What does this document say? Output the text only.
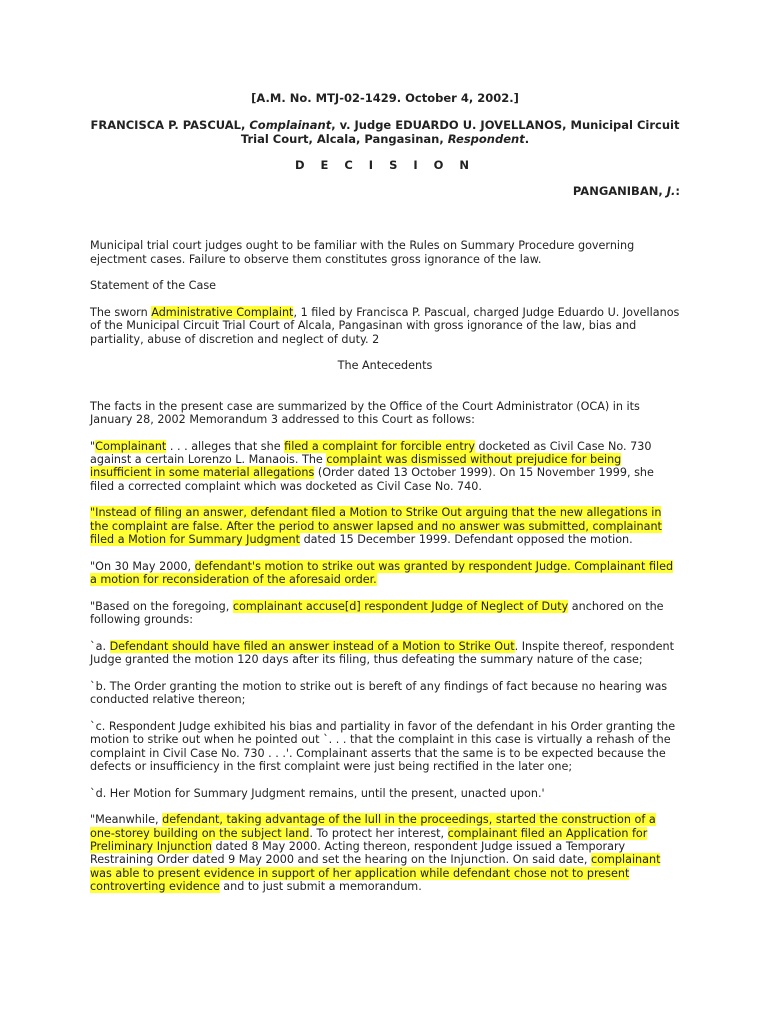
[A.M. No. MTJ-02-1429. October 4, 2002.]
FRANCISCA P. PASCUAL, Complainant, v. Judge EDUARDO U. JOVELLANOS, Municipal Circuit Trial Court, Alcala, Pangasinan, Respondent.
D E C I S I O N
PANGANIBAN, J.:

Municipal trial court judges ought to be familiar with the Rules on Summary Procedure governing ejectment cases. Failure to observe them constitutes gross ignorance of the law.

Statement of the Case

The sworn Administrative Complaint, 1 filed by Francisca P. Pascual, charged Judge Eduardo U. Jovellanos of the Municipal Circuit Trial Court of Alcala, Pangasinan with gross ignorance of the law, bias and partiality, abuse of discretion and neglect of duty. 2

The Antecedents

The facts in the present case are summarized by the Office of the Court Administrator (OCA) in its January 28, 2002 Memorandum 3 addressed to this Court as follows:

"Complainant . . . alleges that she filed a complaint for forcible entry docketed as Civil Case No. 730 against a certain Lorenzo L. Manaois. The complaint was dismissed without prejudice for being insufficient in some material allegations (Order dated 13 October 1999). On 15 November 1999, she filed a corrected complaint which was docketed as Civil Case No. 740.

"Instead of filing an answer, defendant filed a Motion to Strike Out arguing that the new allegations in the complaint are false. After the period to answer lapsed and no answer was submitted, complainant filed a Motion for Summary Judgment dated 15 December 1999. Defendant opposed the motion.

"On 30 May 2000, defendant's motion to strike out was granted by respondent Judge. Complainant filed a motion for reconsideration of the aforesaid order.

"Based on the foregoing, complainant accuse[d] respondent Judge of Neglect of Duty anchored on the following grounds:

`a. Defendant should have filed an answer instead of a Motion to Strike Out. Inspite thereof, respondent Judge granted the motion 120 days after its filing, thus defeating the summary nature of the case;

`b. The Order granting the motion to strike out is bereft of any findings of fact because no hearing was conducted relative thereon;

`c. Respondent Judge exhibited his bias and partiality in favor of the defendant in his Order granting the motion to strike out when he pointed out `. . . that the complaint in this case is virtually a rehash of the complaint in Civil Case No. 730 . . .'. Complainant asserts that the same is to be expected because the defects or insufficiency in the first complaint were just being rectified in the later one;

`d. Her Motion for Summary Judgment remains, until the present, unacted upon.'

"Meanwhile, defendant, taking advantage of the lull in the proceedings, started the construction of a one-storey building on the subject land. To protect her interest, complainant filed an Application for Preliminary Injunction dated 8 May 2000. Acting thereon, respondent Judge issued a Temporary Restraining Order dated 9 May 2000 and set the hearing on the Injunction. On said date, complainant was able to present evidence in support of her application while defendant chose not to present controverting evidence and to just submit a memorandum.
